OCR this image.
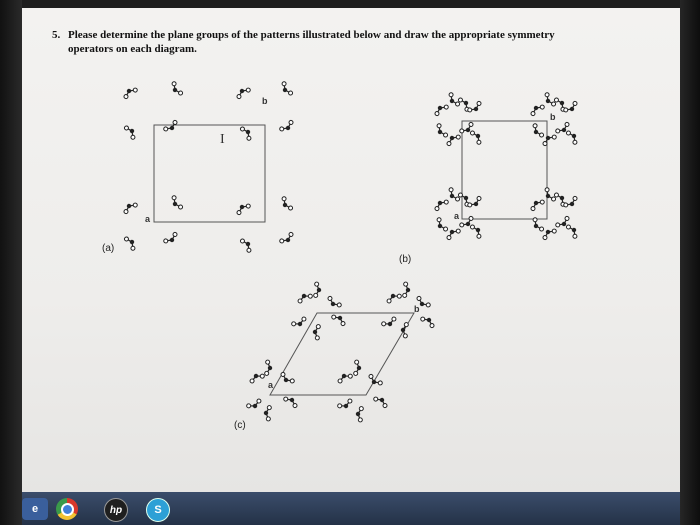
5. Please determine the plane groups of the patterns illustrated below and draw the appropriate symmetry
operators on each diagram.
b
a
(a)
b
a
(b)
b
a
(c)
I
e	hp	S
